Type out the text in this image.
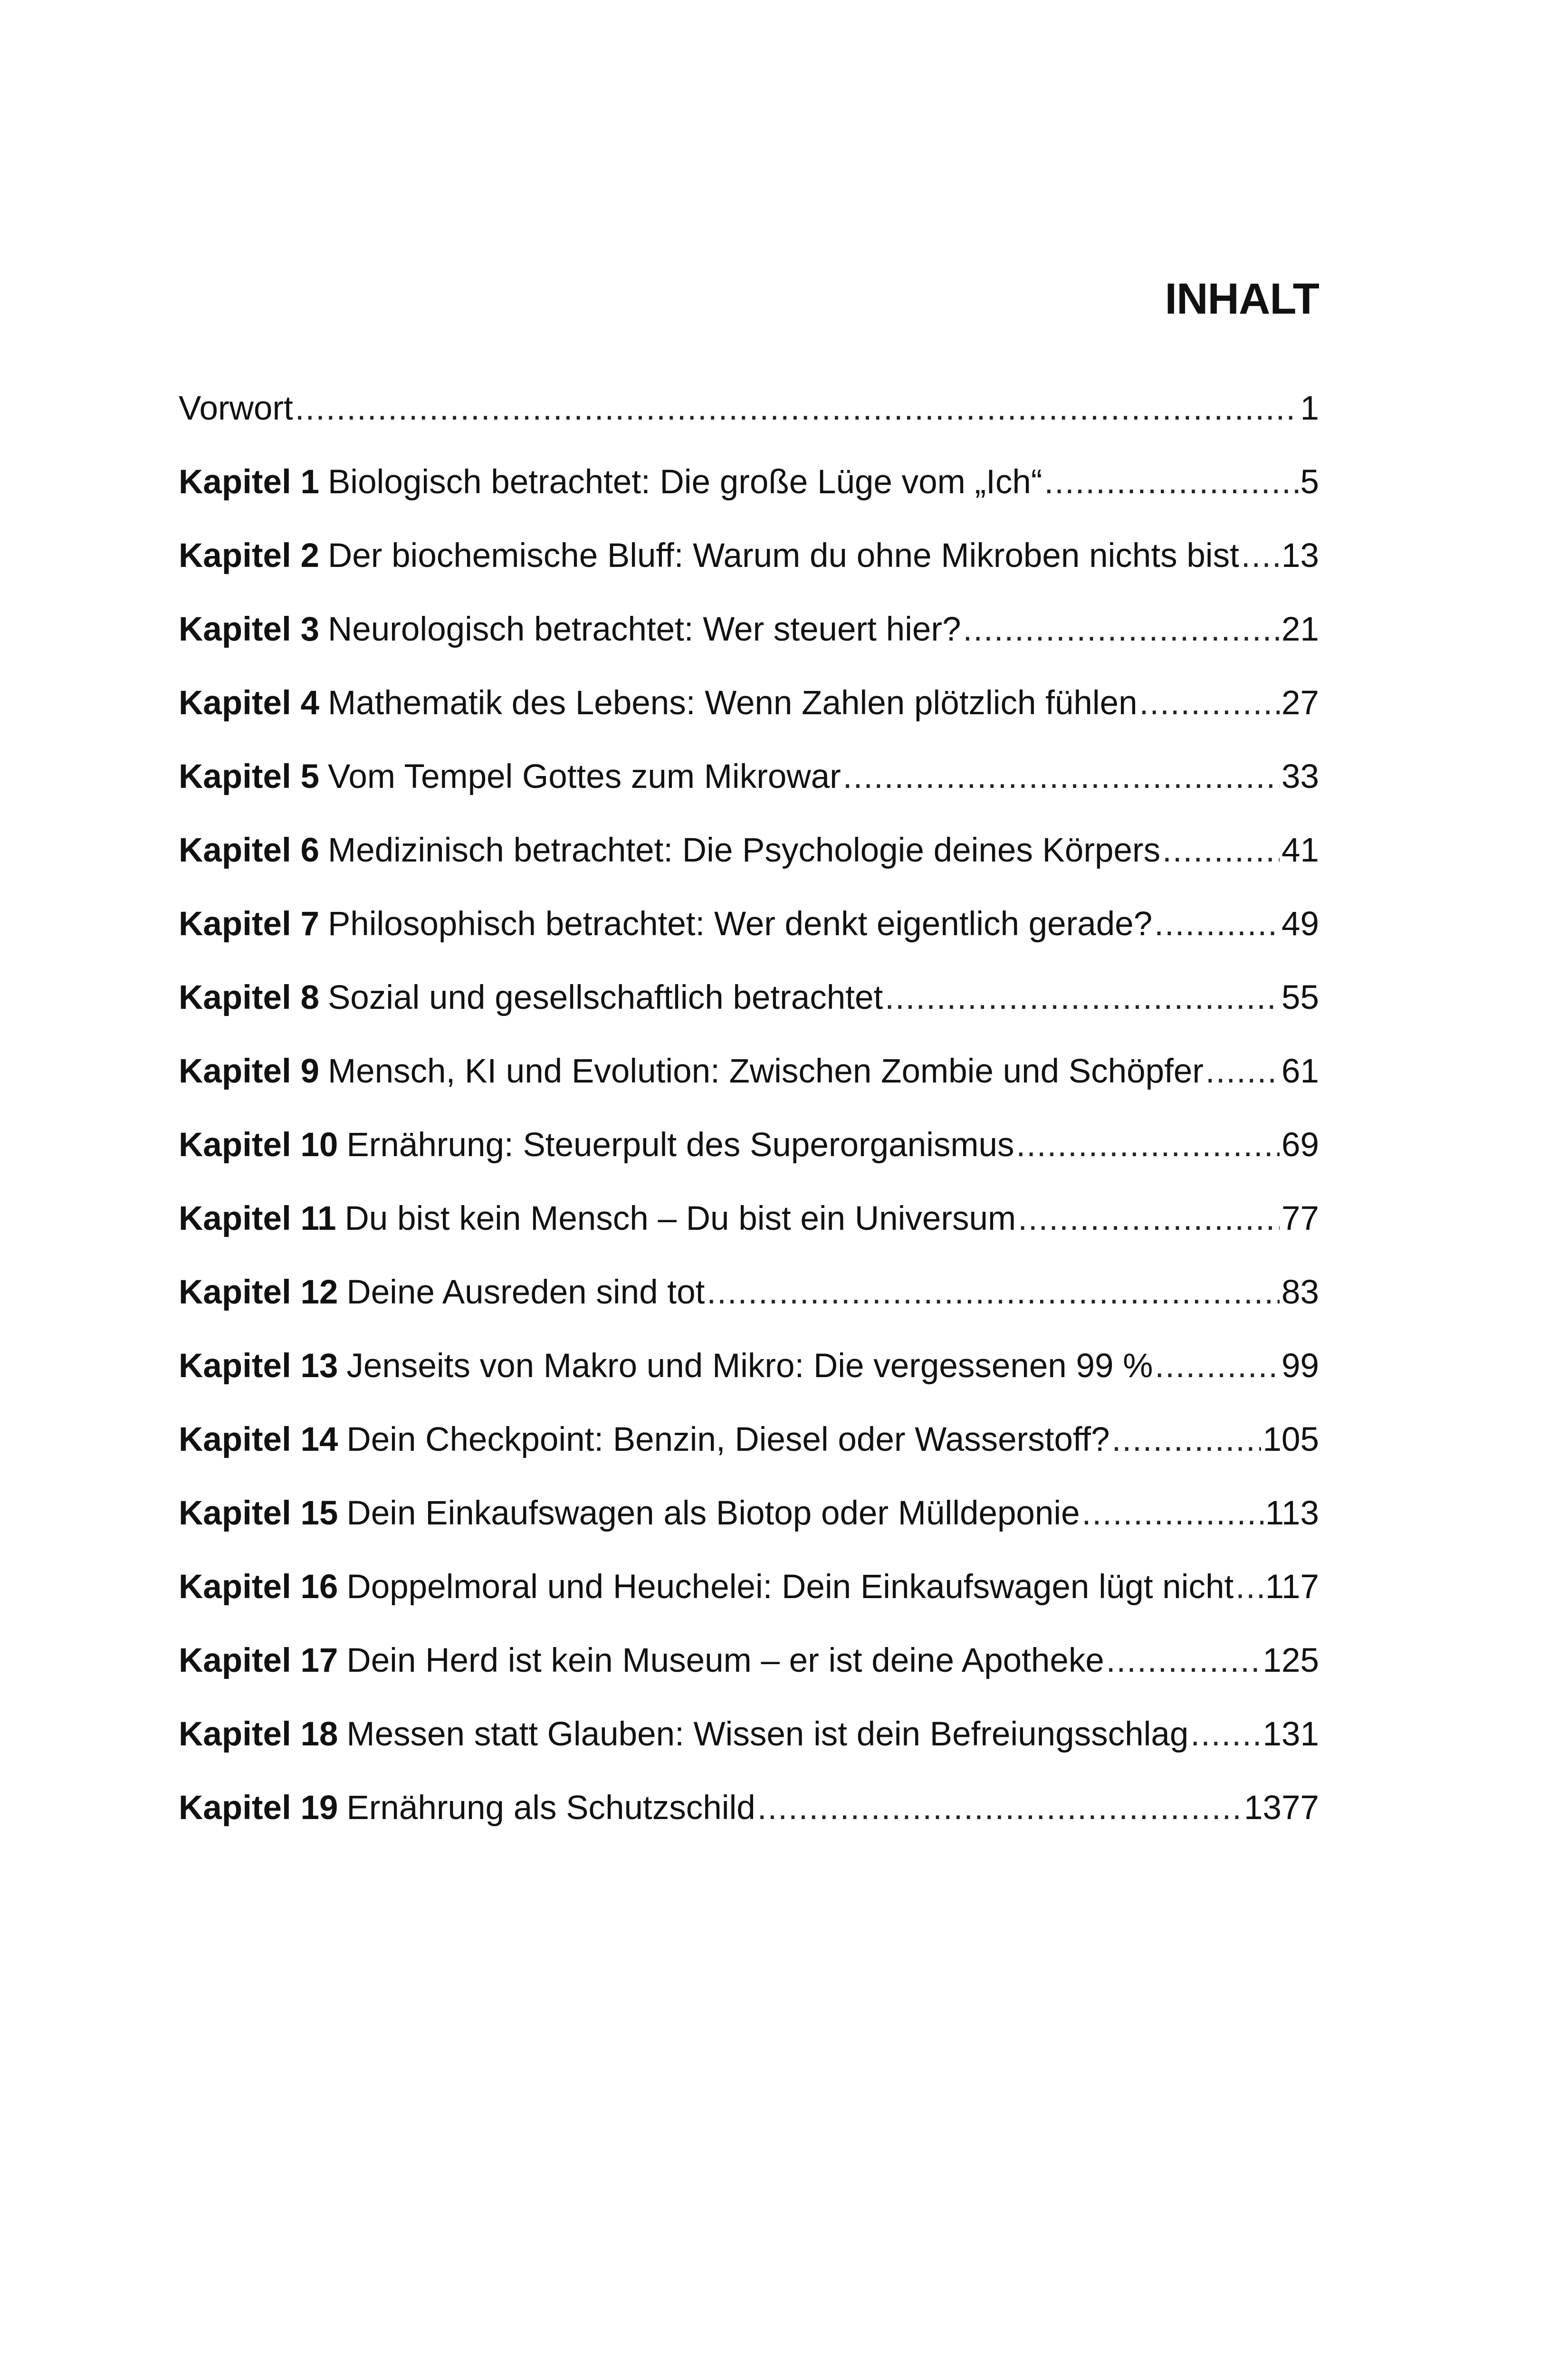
INHALT
Vorwort .....	1
Kapitel 1 Biologisch betrachtet: Die große Lüge vom „Ich“ .....	5
Kapitel 2 Der biochemische Bluff: Warum du ohne Mikroben nichts bist ..... 13
Kapitel 3 Neurologisch betrachtet: Wer steuert hier? .....	21
Kapitel 4 Mathematik des Lebens: Wenn Zahlen plötzlich fühlen .....	27
Kapitel 5 Vom Tempel Gottes zum Mikrowar .....	33
Kapitel 6 Medizinisch betrachtet: Die Psychologie deines Körpers .....	41
Kapitel 7 Philosophisch betrachtet: Wer denkt eigentlich gerade? .....	49
Kapitel 8 Sozial und gesellschaftlich betrachtet .....	55
Kapitel 9 Mensch, KI und Evolution: Zwischen Zombie und Schöpfer ..... 61
Kapitel 10 Ernährung: Steuerpult des Superorganismus .....	69
Kapitel 11 Du bist kein Mensch – Du bist ein Universum .....	77
Kapitel 12 Deine Ausreden sind tot .....	83
Kapitel 13 Jenseits von Makro und Mikro: Die vergessenen 99 % .....	99
Kapitel 14 Dein Checkpoint: Benzin, Diesel oder Wasserstoff? .....	105
Kapitel 15 Dein Einkaufswagen als Biotop oder Mülldeponie .....	113
Kapitel 16 Doppelmoral und Heuchelei: Dein Einkaufswagen lügt nicht ..... 117
Kapitel 17 Dein Herd ist kein Museum – er ist deine Apotheke .....	125
Kapitel 18 Messen statt Glauben: Wissen ist dein Befreiungsschlag ..... 131
Kapitel 19 Ernährung als Schutzschild .....	1377
